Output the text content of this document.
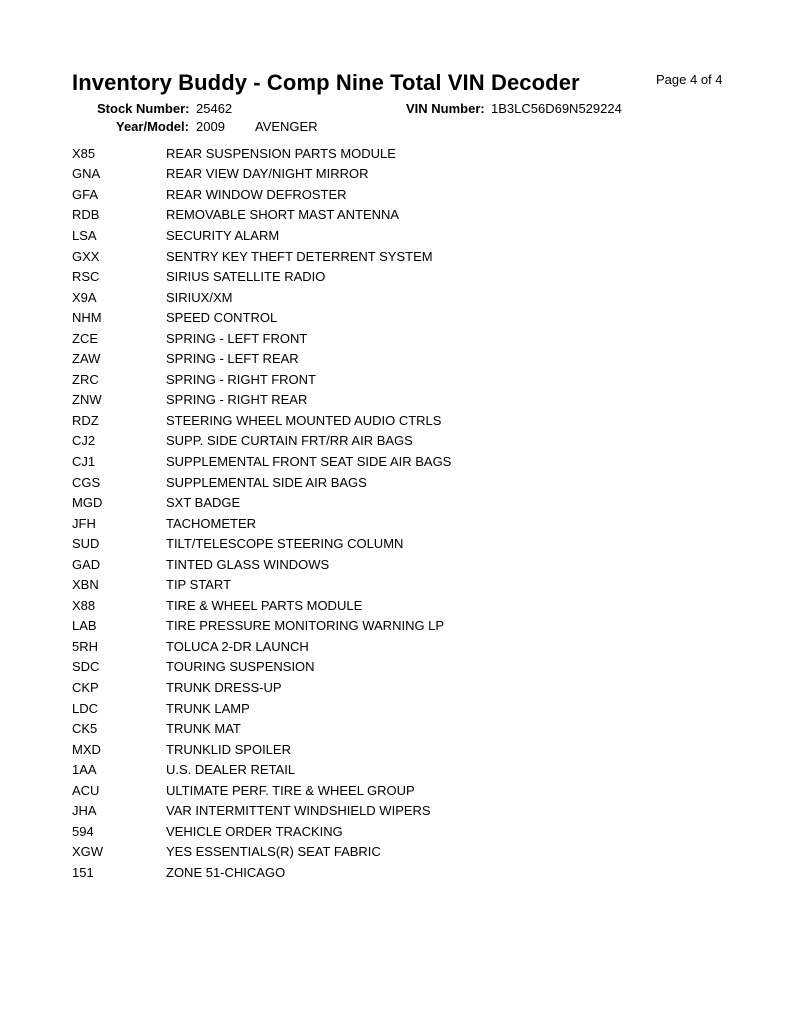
Inventory Buddy - Comp Nine Total VIN Decoder	Page 4 of 4
Stock Number: 25462	VIN Number: 1B3LC56D69N529224
Year/Model: 2009 AVENGER
X85	REAR SUSPENSION PARTS MODULE
GNA	REAR VIEW DAY/NIGHT MIRROR
GFA	REAR WINDOW DEFROSTER
RDB	REMOVABLE SHORT MAST ANTENNA
LSA	SECURITY ALARM
GXX	SENTRY KEY THEFT DETERRENT SYSTEM
RSC	SIRIUS SATELLITE RADIO
X9A	SIRIUX/XM
NHM	SPEED CONTROL
ZCE	SPRING - LEFT FRONT
ZAW	SPRING - LEFT REAR
ZRC	SPRING - RIGHT FRONT
ZNW	SPRING - RIGHT REAR
RDZ	STEERING WHEEL MOUNTED AUDIO CTRLS
CJ2	SUPP. SIDE CURTAIN FRT/RR AIR BAGS
CJ1	SUPPLEMENTAL FRONT SEAT SIDE AIR BAGS
CGS	SUPPLEMENTAL SIDE AIR BAGS
MGD	SXT BADGE
JFH	TACHOMETER
SUD	TILT/TELESCOPE STEERING COLUMN
GAD	TINTED GLASS WINDOWS
XBN	TIP START
X88	TIRE & WHEEL PARTS MODULE
LAB	TIRE PRESSURE MONITORING WARNING LP
5RH	TOLUCA 2-DR LAUNCH
SDC	TOURING SUSPENSION
CKP	TRUNK DRESS-UP
LDC	TRUNK LAMP
CK5	TRUNK MAT
MXD	TRUNKLID SPOILER
1AA	U.S. DEALER RETAIL
ACU	ULTIMATE PERF. TIRE & WHEEL GROUP
JHA	VAR INTERMITTENT WINDSHIELD WIPERS
594	VEHICLE ORDER TRACKING
XGW	YES ESSENTIALS(R) SEAT FABRIC
151	ZONE 51-CHICAGO
